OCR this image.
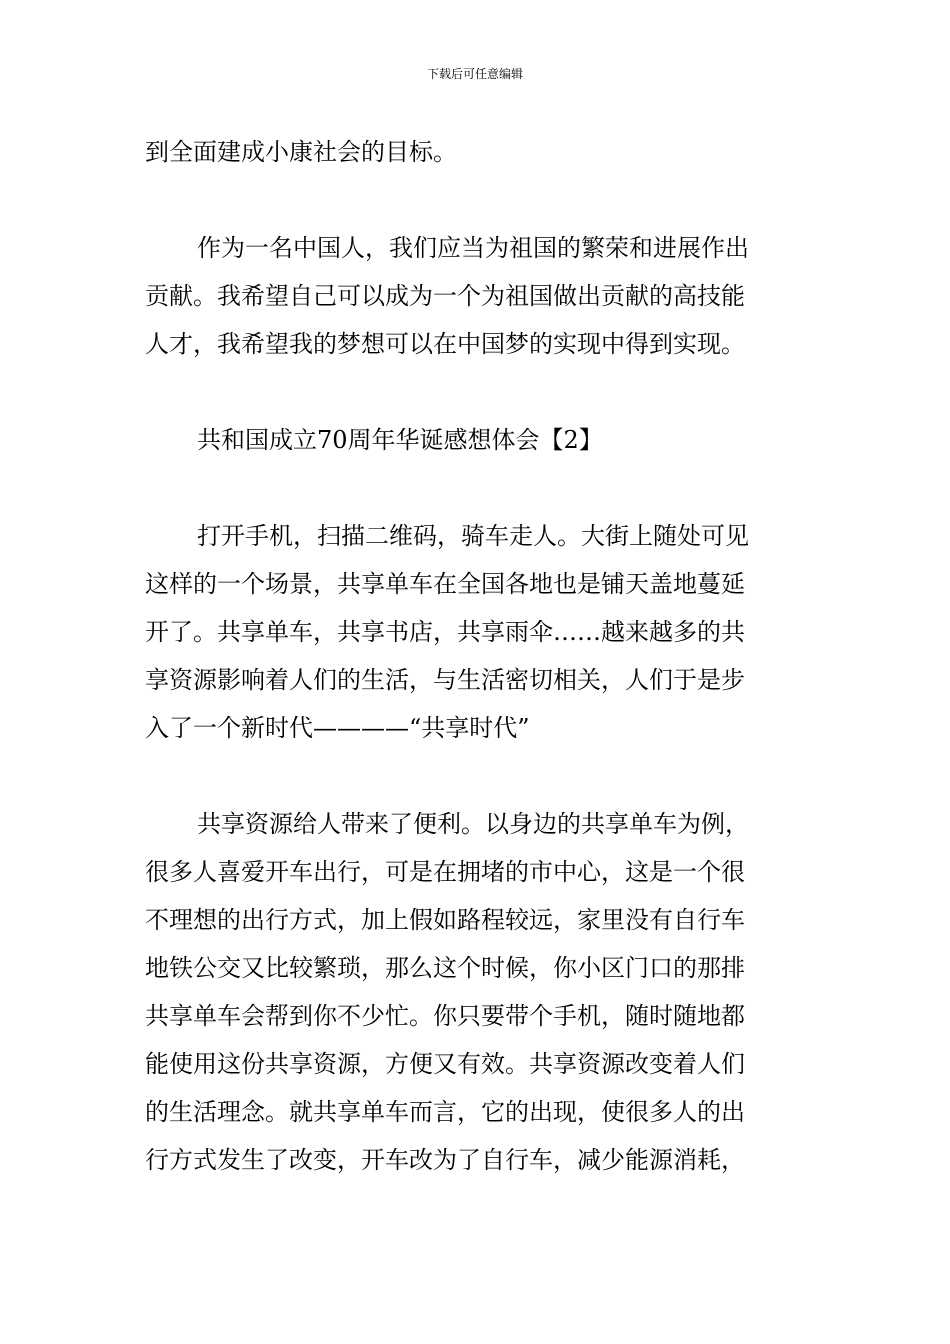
下载后可任意编辑
到全面建成小康社会的目标。
作为一名中国人，我们应当为祖国的繁荣和进展作出
贡献。我希望自己可以成为一个为祖国做出贡献的高技能
人才，我希望我的梦想可以在中国梦的实现中得到实现。
共和国成立70周年华诞感想体会【2】
打开手机，扫描二维码，骑车走人。大街上随处可见
这样的一个场景，共享单车在全国各地也是铺天盖地蔓延
开了。共享单车，共享书店，共享雨伞……越来越多的共
享资源影响着人们的生活，与生活密切相关，人们于是步
入了一个新时代————“共享时代”
共享资源给人带来了便利。以身边的共享单车为例，
很多人喜爱开车出行，可是在拥堵的市中心，这是一个很
不理想的出行方式，加上假如路程较远，家里没有自行车
地铁公交又比较繁琐，那么这个时候，你小区门口的那排
共享单车会帮到你不少忙。你只要带个手机，随时随地都
能使用这份共享资源，方便又有效。共享资源改变着人们
的生活理念。就共享单车而言，它的出现，使很多人的出
行方式发生了改变，开车改为了自行车，减少能源消耗，
